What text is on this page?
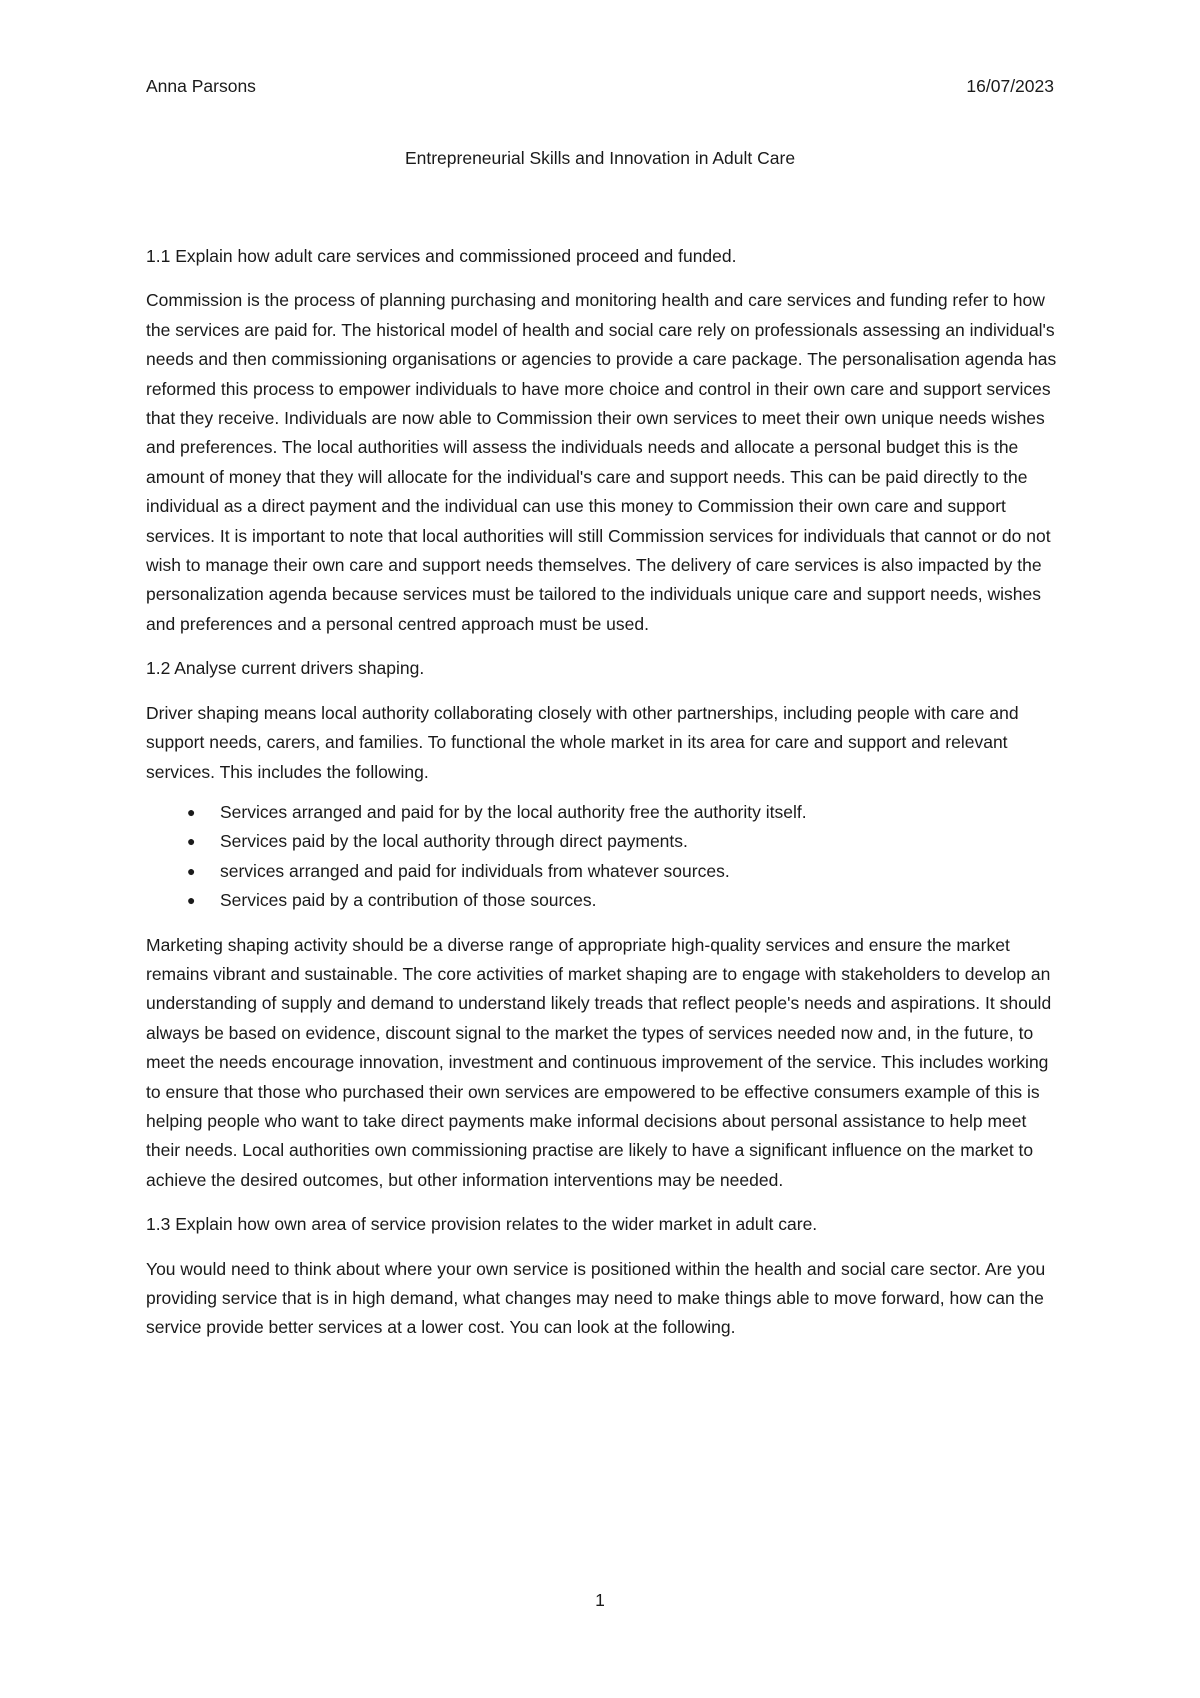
Anna Parsons	16/07/2023
Entrepreneurial Skills and Innovation in Adult Care

1.1 Explain how adult care services and commissioned proceed and funded.

Commission is the process of planning purchasing and monitoring health and care services and funding refer to how the services are paid for. The historical model of health and social care rely on professionals assessing an individual's needs and then commissioning organisations or agencies to provide a care package. The personalisation agenda has reformed this process to empower individuals to have more choice and control in their own care and support services that they receive. Individuals are now able to Commission their own services to meet their own unique needs wishes and preferences. The local authorities will assess the individuals needs and allocate a personal budget this is the amount of money that they will allocate for the individual's care and support needs. This can be paid directly to the individual as a direct payment and the individual can use this money to Commission their own care and support services. It is important to note that local authorities will still Commission services for individuals that cannot or do not wish to manage their own care and support needs themselves. The delivery of care services is also impacted by the personalization agenda because services must be tailored to the individuals unique care and support needs, wishes and preferences and a personal centred approach must be used.

1.2 Analyse current drivers shaping.

Driver shaping means local authority collaborating closely with other partnerships, including people with care and support needs, carers, and families. To functional the whole market in its area for care and support and relevant services. This includes the following.

● Services arranged and paid for by the local authority free the authority itself.
● Services paid by the local authority through direct payments.
● services arranged and paid for individuals from whatever sources.
● Services paid by a contribution of those sources.

Marketing shaping activity should be a diverse range of appropriate high-quality services and ensure the market remains vibrant and sustainable. The core activities of market shaping are to engage with stakeholders to develop an understanding of supply and demand to understand likely treads that reflect people's needs and aspirations. It should always be based on evidence, discount signal to the market the types of services needed now and, in the future, to meet the needs encourage innovation, investment and continuous improvement of the service. This includes working to ensure that those who purchased their own services are empowered to be effective consumers example of this is helping people who want to take direct payments make informal decisions about personal assistance to help meet their needs. Local authorities own commissioning practise are likely to have a significant influence on the market to achieve the desired outcomes, but other information interventions may be needed.

1.3 Explain how own area of service provision relates to the wider market in adult care.

You would need to think about where your own service is positioned within the health and social care sector. Are you providing service that is in high demand, what changes may need to make things able to move forward, how can the service provide better services at a lower cost. You can look at the following.

1
